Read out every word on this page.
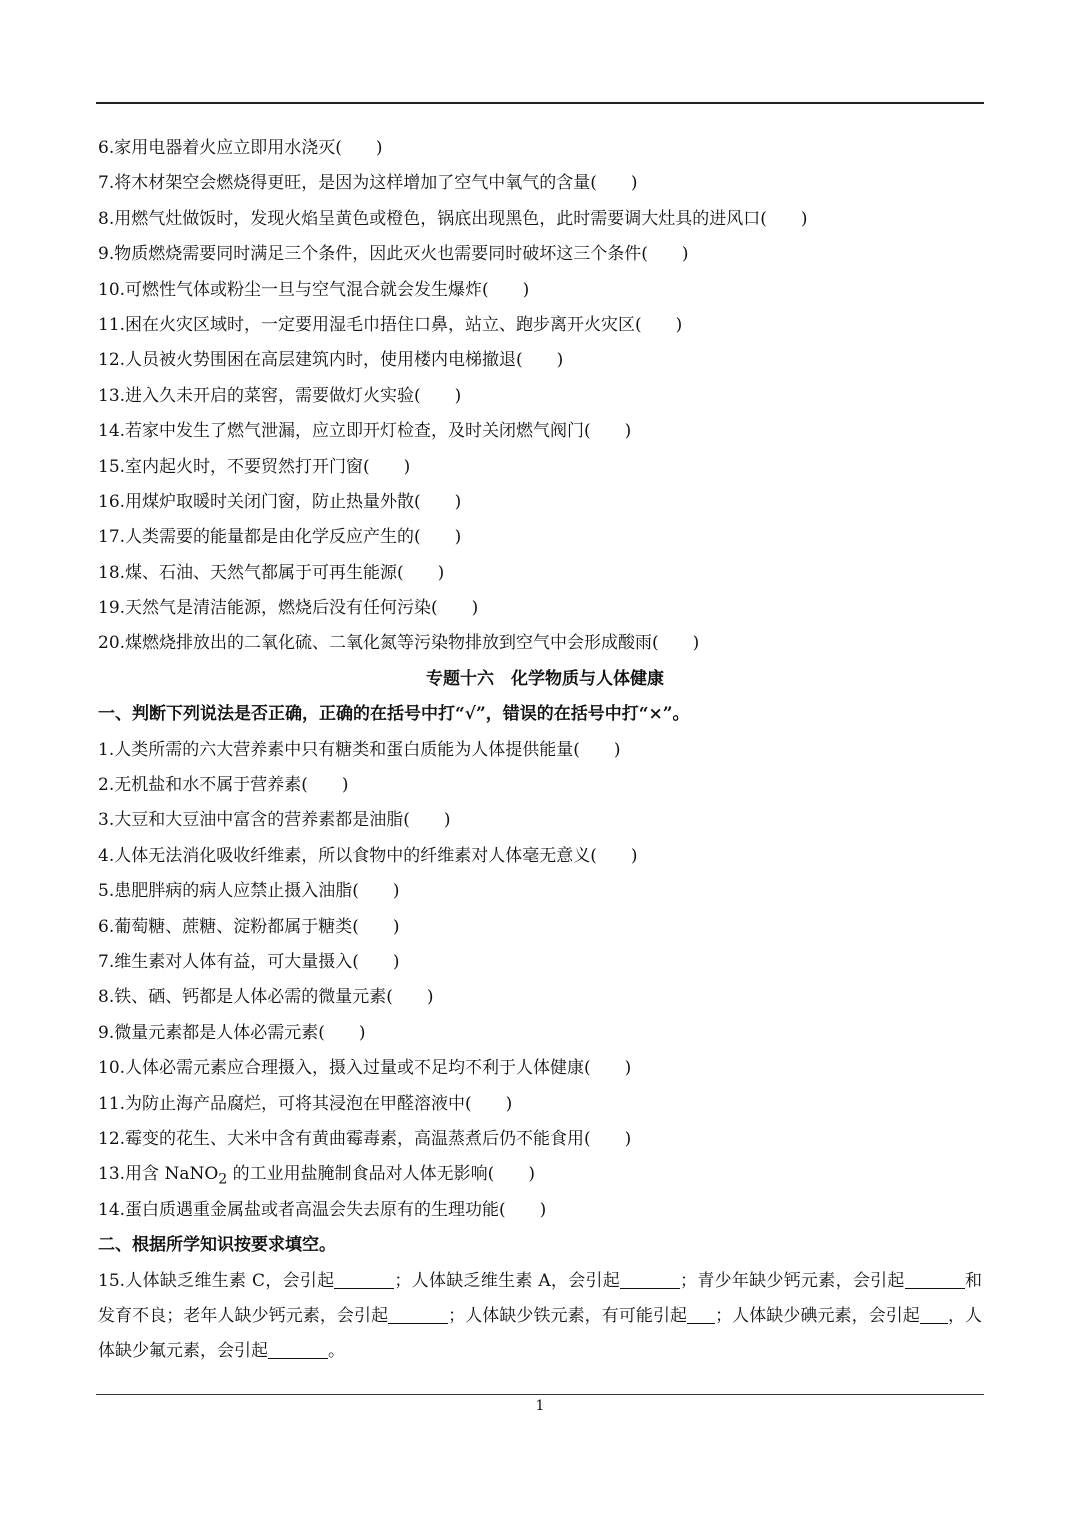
6.家用电器着火应立即用水浇灭(　　)
7.将木材架空会燃烧得更旺，是因为这样增加了空气中氧气的含量(　　)
8.用燃气灶做饭时，发现火焰呈黄色或橙色，锅底出现黑色，此时需要调大灶具的进风口(　　)
9.物质燃烧需要同时满足三个条件，因此灭火也需要同时破坏这三个条件(　　)
10.可燃性气体或粉尘一旦与空气混合就会发生爆炸(　　)
11.困在火灾区域时，一定要用湿毛巾捂住口鼻，站立、跑步离开火灾区(　　)
12.人员被火势围困在高层建筑内时，使用楼内电梯撤退(　　)
13.进入久未开启的菜窖，需要做灯火实验(　　)
14.若家中发生了燃气泄漏，应立即开灯检查，及时关闭燃气阀门(　　)
15.室内起火时，不要贸然打开门窗(　　)
16.用煤炉取暖时关闭门窗，防止热量外散(　　)
17.人类需要的能量都是由化学反应产生的(　　)
18.煤、石油、天然气都属于可再生能源(　　)
19.天然气是清洁能源，燃烧后没有任何污染(　　)
20.煤燃烧排放出的二氧化硫、二氧化氮等污染物排放到空气中会形成酸雨(　　)
专题十六　化学物质与人体健康
一、判断下列说法是否正确，正确的在括号中打“√”，错误的在括号中打“×”。
1.人类所需的六大营养素中只有糖类和蛋白质能为人体提供能量(　　)
2.无机盐和水不属于营养素(　　)
3.大豆和大豆油中富含的营养素都是油脂(　　)
4.人体无法消化吸收纤维素，所以食物中的纤维素对人体毫无意义(　　)
5.患肥胖病的病人应禁止摄入油脂(　　)
6.葡萄糖、蔗糖、淀粉都属于糖类(　　)
7.维生素对人体有益，可大量摄入(　　)
8.铁、硒、钙都是人体必需的微量元素(　　)
9.微量元素都是人体必需元素(　　)
10.人体必需元素应合理摄入，摄入过量或不足均不利于人体健康(　　)
11.为防止海产品腐烂，可将其浸泡在甲醛溶液中(　　)
12.霉变的花生、大米中含有黄曲霉毒素，高温蒸煮后仍不能食用(　　)
13.用含 NaNO$_2$ 的工业用盐腌制食品对人体无影响(　　)
14.蛋白质遇重金属盐或者高温会失去原有的生理功能(　　)
二、根据所学知识按要求填空。
15.人体缺乏维生素 C，会引起	；人体缺乏维生素 A，会引起	；青少年缺少钙元素，会引起	和发育不良；老年人缺少钙元素，会引起	；人体缺少铁元素，有可能引起 ；人体缺少碘元素，会引起 ，人体缺少氟元素，会引起	。
1
